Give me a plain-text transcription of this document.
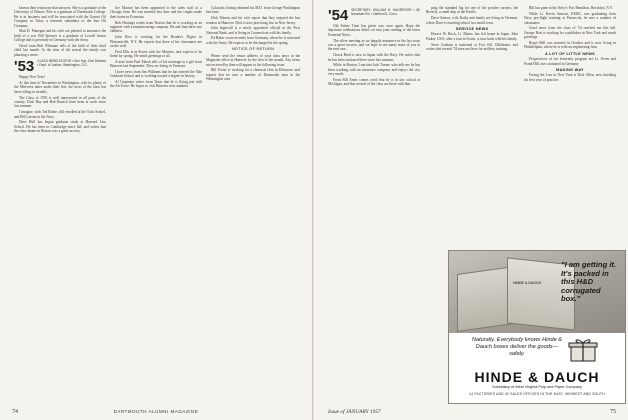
known their testimony that answers. She is a graduate of the University of Illinois. Pete is a graduate of Dartmouth College. He is in business and will be associated with the Garrett Oil Company in Tulsa, a research subsidiary of the Sun Oil Company.

Matt D. Finnegan and his wife are pleased to announce the birth of a son. Bill Spencer is a graduate of Lowell Junior College and is presently in Germany with the Army.

Word from Bob Whitman tells of the birth of their third child last month. At the time of the arrival the family was planning a move.

'53 CLASS NEWS EDITOR • Box Hgr, Civil Division • Dept. of Justice, Washington, D.C.

Happy New Year!

At this time of November in Washington, with its plenty of the Mid-west takes under their feet, the news of the class has been rolling in steadily.

The Class of 1953 is well represented in all parts of the country. Dick Hay and Bob Rausch have been at work since last summer.

I imagine, with Ted Rothe, still enrolled at the Tuck School, and Bill Larson in the Navy.

Dave Hull has begun graduate study at Harvard Law School. He has been in Cambridge since fall, and writes that the class dinner in Boston was a great success.

Joe Morton has been appointed to the sales staff of a Chicago firm. He was married last June and the couple make their home in Evanston.

Bob Hastings writes from Boston that he is working as an engineer with a manufacturing company. He and Joan have two children.

John Rice is working for the Reader's Digest in Pleasantville, N.Y. He reports that three of his classmates are on the staff.

Fred Ellis is in Korea with the Marines, and expects to be home by spring. He sends greetings to all.

A note from Paul Marsh tells of his marriage to a girl from Hanover last September. They are living in Vermont.

I have news from Jim Williams that he has entered the Yale Graduate School and is working toward a degree in history.

Al Carpenter writes from Texas that he is flying jets with the Air Force. He hopes to visit Hanover next summer.

Colorado, having obtained his M.D. from George Washington last June.

Dick Warren and his wife report that they enjoyed the last reunion at Hanover. Dick is now practicing law in New Jersey.

John Ingersoll is a newly appointed official at the First National Bank, and is living in Connecticut with his family.

Ed Baker wrote recently from Germany, where he is stationed with the Army. He expects to be discharged in the spring.

NOTICE OF RETURN

Please send the return address of your class news to the Magazine office in Hanover by the first of the month. Any items not received by then will appear in the following issue.

Bill Foster is working for a chemical firm in Delaware, and reports that he sees a number of Dartmouth men in the Wilmington area.

74	DARTMOUTH ALUMNI MAGAZINE
'54 SECRETARY, WILLIAM H. McGREGOR • 80 Mountain Rd. • Hartford 5, Conn.

Old Father Time has given way once again. Hope the departure celebrations didn't cut into your reading of the latest Fraternal News.

The silver meeting as we happily announce in the last issue was a great success, and we hope to see many more of you at the next one.

Chuck Reed is now in Japan with the Navy. He writes that he has been stationed there since last summer.

While in Boston, I ran into Jack Turner, who tells me he has been working with an insurance company and enjoys the city very much.

From Bill Ames comes word that he is in law school at Michigan, and that several of the class are there with him.

ping the standard log for one of the powder carriers, the Beverly, a small ship in the Pacific.

Dave Grimes, wife Kathy and family are living in Vermont, where Dave is teaching school in a small town.

SERVICE NEWS

Horace W. Buck, Lt. Maine, has left home in Japan. John Parker, USA, after a tour in Korea, is now back with his family.

Steve Graham is stationed at Fort Sill, Oklahoma, and writes that several '54 men are there for artillery training.

Bill has gone to the Navy's Fort Hamilton, Brooklyn, N.Y.

While Lt. Kevin Armour, USMC, was graduating from Navy pre-flight training at Pensacola, he met a number of classmates.

Good news from the class of '54 reached me this fall. George Hart is working for a publisher in New York and sends greetings.

Roger Bell was married in October and is now living in Philadelphia, where he is with an engineering firm.

A LOT OF LITTLE NEWS

Progressives of our fraternity program are Lt. Owen and Frank Hill, now stationed in Germany.

MAKING WAY

Facing the Law in New York is Dick Allen, now finishing his first year of practice.

HINDE & DAUCH
"I am getting it. It's packed in this H&D corrugated box."
Naturally, Everybody knows Hinde & Dauch boxes deliver the goods—safely.
HINDE & DAUCH
Subsidiary of West Virginia Pulp and Paper Company
14 FACTORIES AND 42 SALES OFFICES IN THE EAST, MIDWEST AND SOUTH
Issue of JANUARY 1957	75
